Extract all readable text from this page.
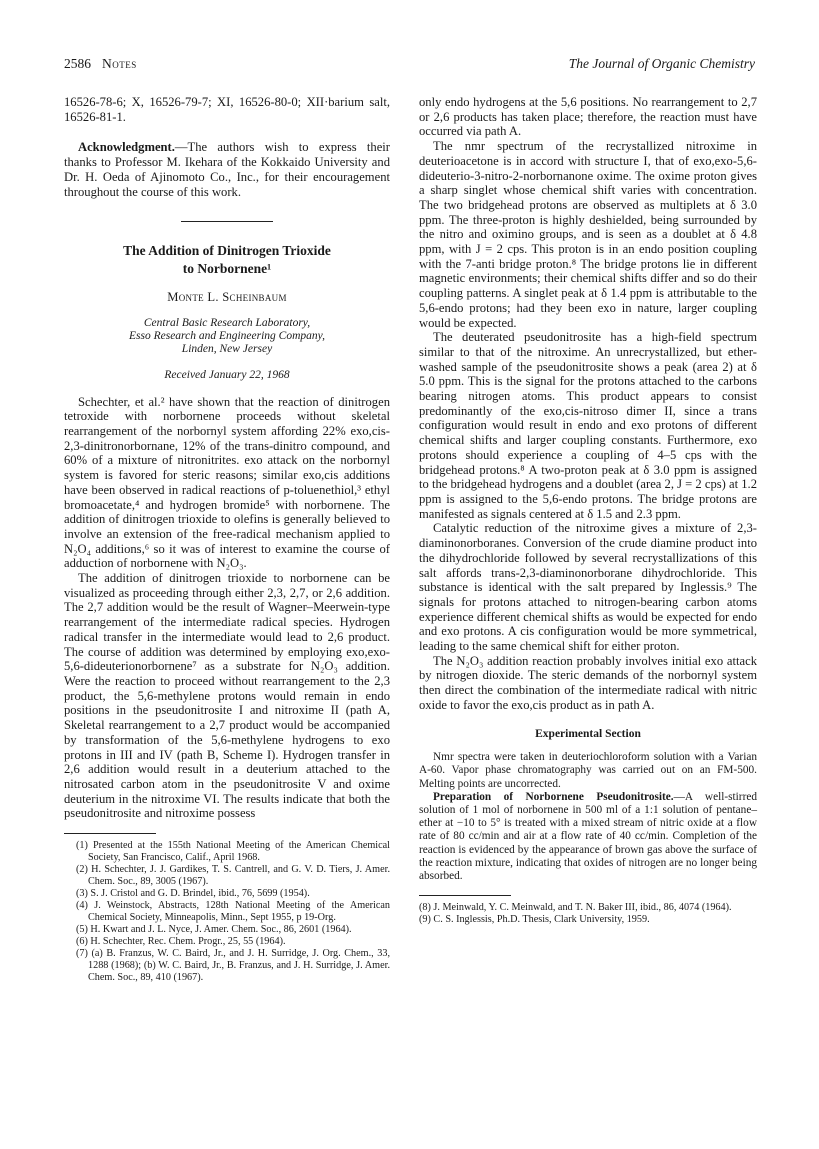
2586 Notes	The Journal of Organic Chemistry

16526-78-6; X, 16526-79-7; XI, 16526-80-0; XII·barium salt, 16526-81-1.

Acknowledgment.—The authors wish to express their thanks to Professor M. Ikehara of the Kokkaido University and Dr. H. Oeda of Ajinomoto Co., Inc., for their encouragement throughout the course of this work.

The Addition of Dinitrogen Trioxide
to Norbornene¹
Monte L. Scheinbaum
Central Basic Research Laboratory,
Esso Research and Engineering Company,
Linden, New Jersey
Received January 22, 1968

Schechter, et al.² have shown that the reaction of dinitrogen tetroxide with norbornene proceeds without skeletal rearrangement of the norbornyl system affording 22% exo,cis-2,3-dinitronorbornane, 12% of the trans-dinitro compound, and 60% of a mixture of nitronitrites. exo attack on the norbornyl system is favored for steric reasons; similar exo,cis additions have been observed in radical reactions of p-toluenethiol,³ ethyl bromoacetate,⁴ and hydrogen bromide⁵ with norbornene. The addition of dinitrogen trioxide to olefins is generally believed to involve an extension of the free-radical mechanism applied to N₂O₄ additions,⁶ so it was of interest to examine the course of adduction of norbornene with N₂O₃.

The addition of dinitrogen trioxide to norbornene can be visualized as proceeding through either 2,3, 2,7, or 2,6 addition. The 2,7 addition would be the result of Wagner–Meerwein-type rearrangement of the intermediate radical species. Hydrogen radical transfer in the intermediate would lead to 2,6 product. The course of addition was determined by employing exo,exo-5,6-dideuterionorbornene⁷ as a substrate for N₂O₃ addition. Were the reaction to proceed without rearrangement to the 2,3 product, the 5,6-methylene protons would remain in endo positions in the pseudonitrosite I and nitroxime II (path A, Skeletal rearrangement to a 2,7 product would be accompanied by transformation of the 5,6-methylene hydrogens to exo protons in III and IV (path B, Scheme I). Hydrogen transfer in 2,6 addition would result in a deuterium attached to the nitrosated carbon atom in the pseudonitrosite V and oxime deuterium in the nitroxime VI. The results indicate that both the pseudonitrosite and nitroxime possess

(1) Presented at the 155th National Meeting of the American Chemical Society, San Francisco, Calif., April 1968.

(2) H. Schechter, J. J. Gardikes, T. S. Cantrell, and G. V. D. Tiers, J. Amer. Chem. Soc., 89, 3005 (1967).

(3) S. J. Cristol and G. D. Brindel, ibid., 76, 5699 (1954).

(4) J. Weinstock, Abstracts, 128th National Meeting of the American Chemical Society, Minneapolis, Minn., Sept 1955, p 19-Org.

(5) H. Kwart and J. L. Nyce, J. Amer. Chem. Soc., 86, 2601 (1964).

(6) H. Schechter, Rec. Chem. Progr., 25, 55 (1964).

(7) (a) B. Franzus, W. C. Baird, Jr., and J. H. Surridge, J. Org. Chem., 33, 1288 (1968); (b) W. C. Baird, Jr., B. Franzus, and J. H. Surridge, J. Amer. Chem. Soc., 89, 410 (1967).

only endo hydrogens at the 5,6 positions. No rearrangement to 2,7 or 2,6 products has taken place; therefore, the reaction must have occurred via path A.

The nmr spectrum of the recrystallized nitroxime in deuterioacetone is in accord with structure I, that of exo,exo-5,6-dideuterio-3-nitro-2-norbornanone oxime. The oxime proton gives a sharp singlet whose chemical shift varies with concentration. The two bridgehead protons are observed as multiplets at δ 3.0 ppm. The three-proton is highly deshielded, being surrounded by the nitro and oximino groups, and is seen as a doublet at δ 4.8 ppm, with J = 2 cps. This proton is in an endo position coupling with the 7-anti bridge proton.⁸ The bridge protons lie in different magnetic environments; their chemical shifts differ and so do their coupling patterns. A singlet peak at δ 1.4 ppm is attributable to the 5,6-endo protons; had they been exo in nature, larger coupling would be expected.

The deuterated pseudonitrosite has a high-field spectrum similar to that of the nitroxime. An unrecrystallized, but ether-washed sample of the pseudonitrosite shows a peak (area 2) at δ 5.0 ppm. This is the signal for the protons attached to the carbons bearing nitrogen atoms. This product appears to consist predominantly of the exo,cis-nitroso dimer II, since a trans configuration would result in endo and exo protons of different chemical shifts and larger coupling constants. Furthermore, exo protons should experience a coupling of 4–5 cps with the bridgehead protons.⁸ A two-proton peak at δ 3.0 ppm is assigned to the bridgehead hydrogens and a doublet (area 2, J = 2 cps) at 1.2 ppm is assigned to the 5,6-endo protons. The bridge protons are manifested as signals centered at δ 1.5 and 2.3 ppm.

Catalytic reduction of the nitroxime gives a mixture of 2,3-diaminonorboranes. Conversion of the crude diamine product into the dihydrochloride followed by several recrystallizations of this salt affords trans-2,3-diaminonorborane dihydrochloride. This substance is identical with the salt prepared by Inglessis.⁹ The signals for protons attached to nitrogen-bearing carbon atoms experience different chemical shifts as would be expected for endo and exo protons. A cis configuration would be more symmetrical, leading to the same chemical shift for either proton.

The N₂O₃ addition reaction probably involves initial exo attack by nitrogen dioxide. The steric demands of the norbornyl system then direct the combination of the intermediate radical with nitric oxide to favor the exo,cis product as in path A.

Experimental Section

Nmr spectra were taken in deuteriochloroform solution with a Varian A-60. Vapor phase chromatography was carried out on an FM-500. Melting points are uncorrected.

Preparation of Norbornene Pseudonitrosite.—A well-stirred solution of 1 mol of norbornene in 500 ml of a 1:1 solution of pentane–ether at −10 to 5° is treated with a mixed stream of nitric oxide at a flow rate of 80 cc/min and air at a flow rate of 40 cc/min. Completion of the reaction is evidenced by the appearance of brown gas above the surface of the reaction mixture, indicating that oxides of nitrogen are no longer being absorbed.

(8) J. Meinwald, Y. C. Meinwald, and T. N. Baker III, ibid., 86, 4074 (1964).

(9) C. S. Inglessis, Ph.D. Thesis, Clark University, 1959.
